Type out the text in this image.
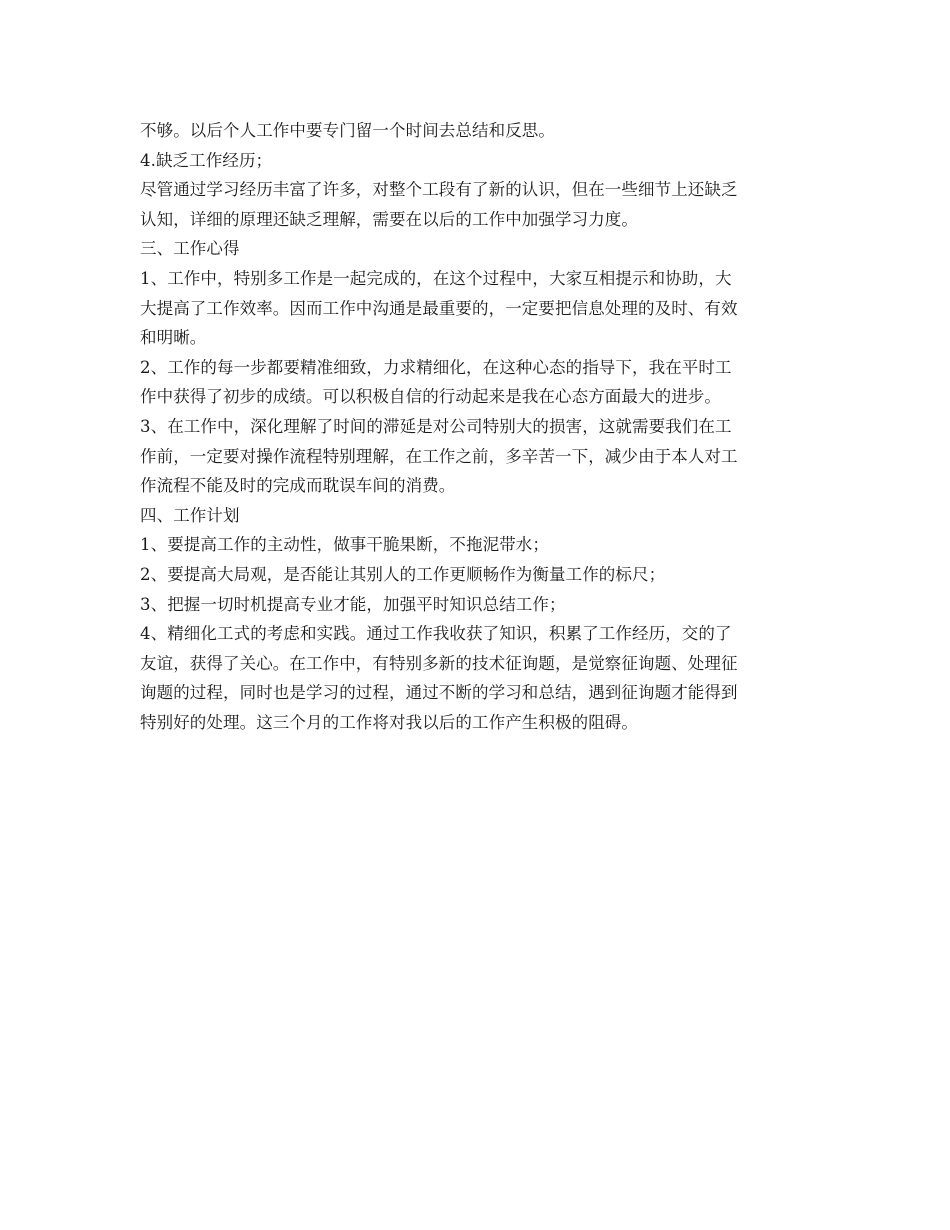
不够。以后个人工作中要专门留一个时间去总结和反思。
4.缺乏工作经历；
尽管通过学习经历丰富了许多，对整个工段有了新的认识，但在一些细节上还缺乏
认知，详细的原理还缺乏理解，需要在以后的工作中加强学习力度。
三、工作心得
1、工作中，特别多工作是一起完成的，在这个过程中，大家互相提示和协助，大
大提高了工作效率。因而工作中沟通是最重要的，一定要把信息处理的及时、有效
和明晰。
2、工作的每一步都要精准细致，力求精细化，在这种心态的指导下，我在平时工
作中获得了初步的成绩。可以积极自信的行动起来是我在心态方面最大的进步。
3、在工作中，深化理解了时间的滞延是对公司特别大的损害，这就需要我们在工
作前，一定要对操作流程特别理解，在工作之前，多辛苦一下，减少由于本人对工
作流程不能及时的完成而耽误车间的消费。
四、工作计划
1、要提高工作的主动性，做事干脆果断，不拖泥带水；
2、要提高大局观，是否能让其别人的工作更顺畅作为衡量工作的标尺；
3、把握一切时机提高专业才能，加强平时知识总结工作；
4、精细化工式的考虑和实践。通过工作我收获了知识，积累了工作经历，交的了
友谊，获得了关心。在工作中，有特别多新的技术征询题，是觉察征询题、处理征
询题的过程，同时也是学习的过程，通过不断的学习和总结，遇到征询题才能得到
特别好的处理。这三个月的工作将对我以后的工作产生积极的阻碍。
